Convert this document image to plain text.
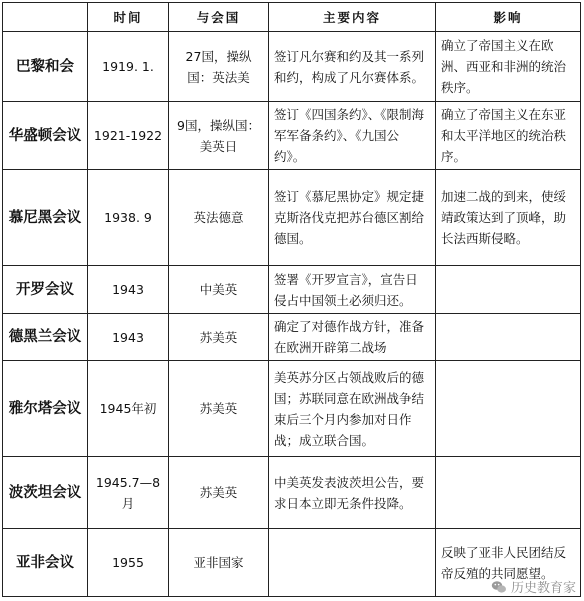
	时间	与会国	主要内容	影响
巴黎和会	1919. 1.	27国，操纵国：英法美	签订凡尔赛和约及其一系列和约，构成了凡尔赛体系。	确立了帝国主义在欧洲、西亚和非洲的统治秩序。
华盛顿会议	1921-1922	9国，操纵国：美英日	签订《四国条约》、《限制海军军备条约》、《九国公约》。	确立了帝国主义在东亚和太平洋地区的统治秩序。
慕尼黑会议	1938. 9	英法德意	签订《慕尼黑协定》规定捷克斯洛伐克把苏台德区割给德国。	加速二战的到来，使绥靖政策达到了顶峰，助长法西斯侵略。
开罗会议	1943	中美英	签署《开罗宣言》，宣告日侵占中国领土必须归还。	
德黑兰会议	1943	苏美英	确定了对德作战方针，准备在欧洲开辟第二战场	
雅尔塔会议	1945年初	苏美英	美英苏分区占领战败后的德国；苏联同意在欧洲战争结束后三个月内参加对日作战；成立联合国。	
波茨坦会议	1945.7—8月	苏美英	中美英发表波茨坦公告，要求日本立即无条件投降。	
亚非会议	1955	亚非国家		反映了亚非人民团结反帝反殖的共同愿望。
历史教育家
